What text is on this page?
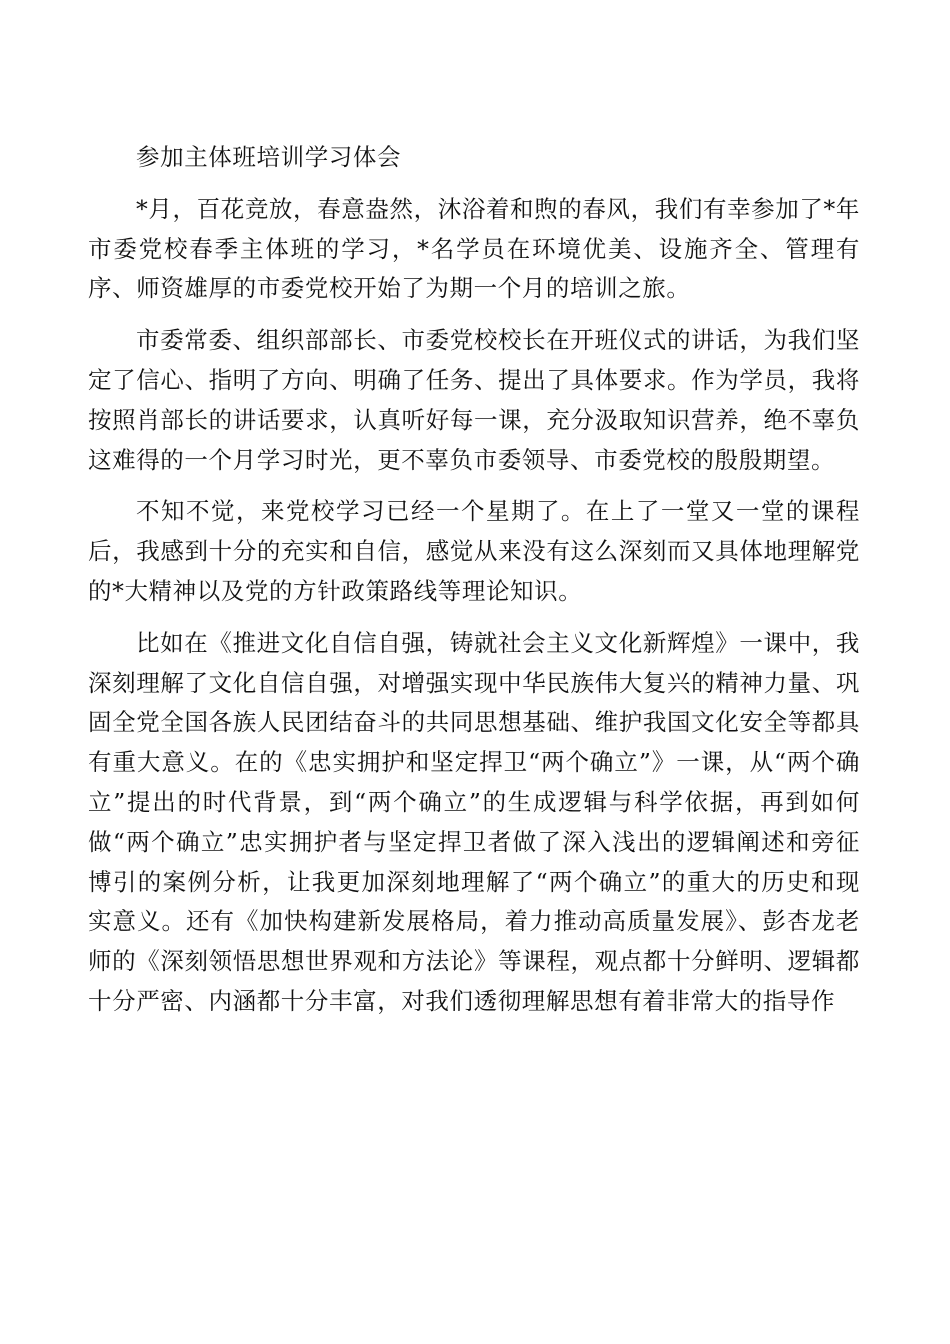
参加主体班培训学习体会

*月，百花竞放，春意盎然，沐浴着和煦的春风，我们有幸参加了*年市委党校春季主体班的学习，*名学员在环境优美、设施齐全、管理有序、师资雄厚的市委党校开始了为期一个月的培训之旅。

市委常委、组织部部长、市委党校校长在开班仪式的讲话，为我们坚定了信心、指明了方向、明确了任务、提出了具体要求。作为学员，我将按照肖部长的讲话要求，认真听好每一课，充分汲取知识营养，绝不辜负这难得的一个月学习时光，更不辜负市委领导、市委党校的殷殷期望。

不知不觉，来党校学习已经一个星期了。在上了一堂又一堂的课程后，我感到十分的充实和自信，感觉从来没有这么深刻而又具体地理解党的*大精神以及党的方针政策路线等理论知识。

比如在《推进文化自信自强，铸就社会主义文化新辉煌》一课中，我深刻理解了文化自信自强，对增强实现中华民族伟大复兴的精神力量、巩固全党全国各族人民团结奋斗的共同思想基础、维护我国文化安全等都具有重大意义。在的《忠实拥护和坚定捍卫“两个确立”》一课，从“两个确立”提出的时代背景，到“两个确立”的生成逻辑与科学依据，再到如何做“两个确立”忠实拥护者与坚定捍卫者做了深入浅出的逻辑阐述和旁征博引的案例分析，让我更加深刻地理解了“两个确立”的重大的历史和现实意义。还有《加快构建新发展格局，着力推动高质量发展》、彭杏龙老师的《深刻领悟思想世界观和方法论》等课程，观点都十分鲜明、逻辑都十分严密、内涵都十分丰富，对我们透彻理解思想有着非常大的指导作
